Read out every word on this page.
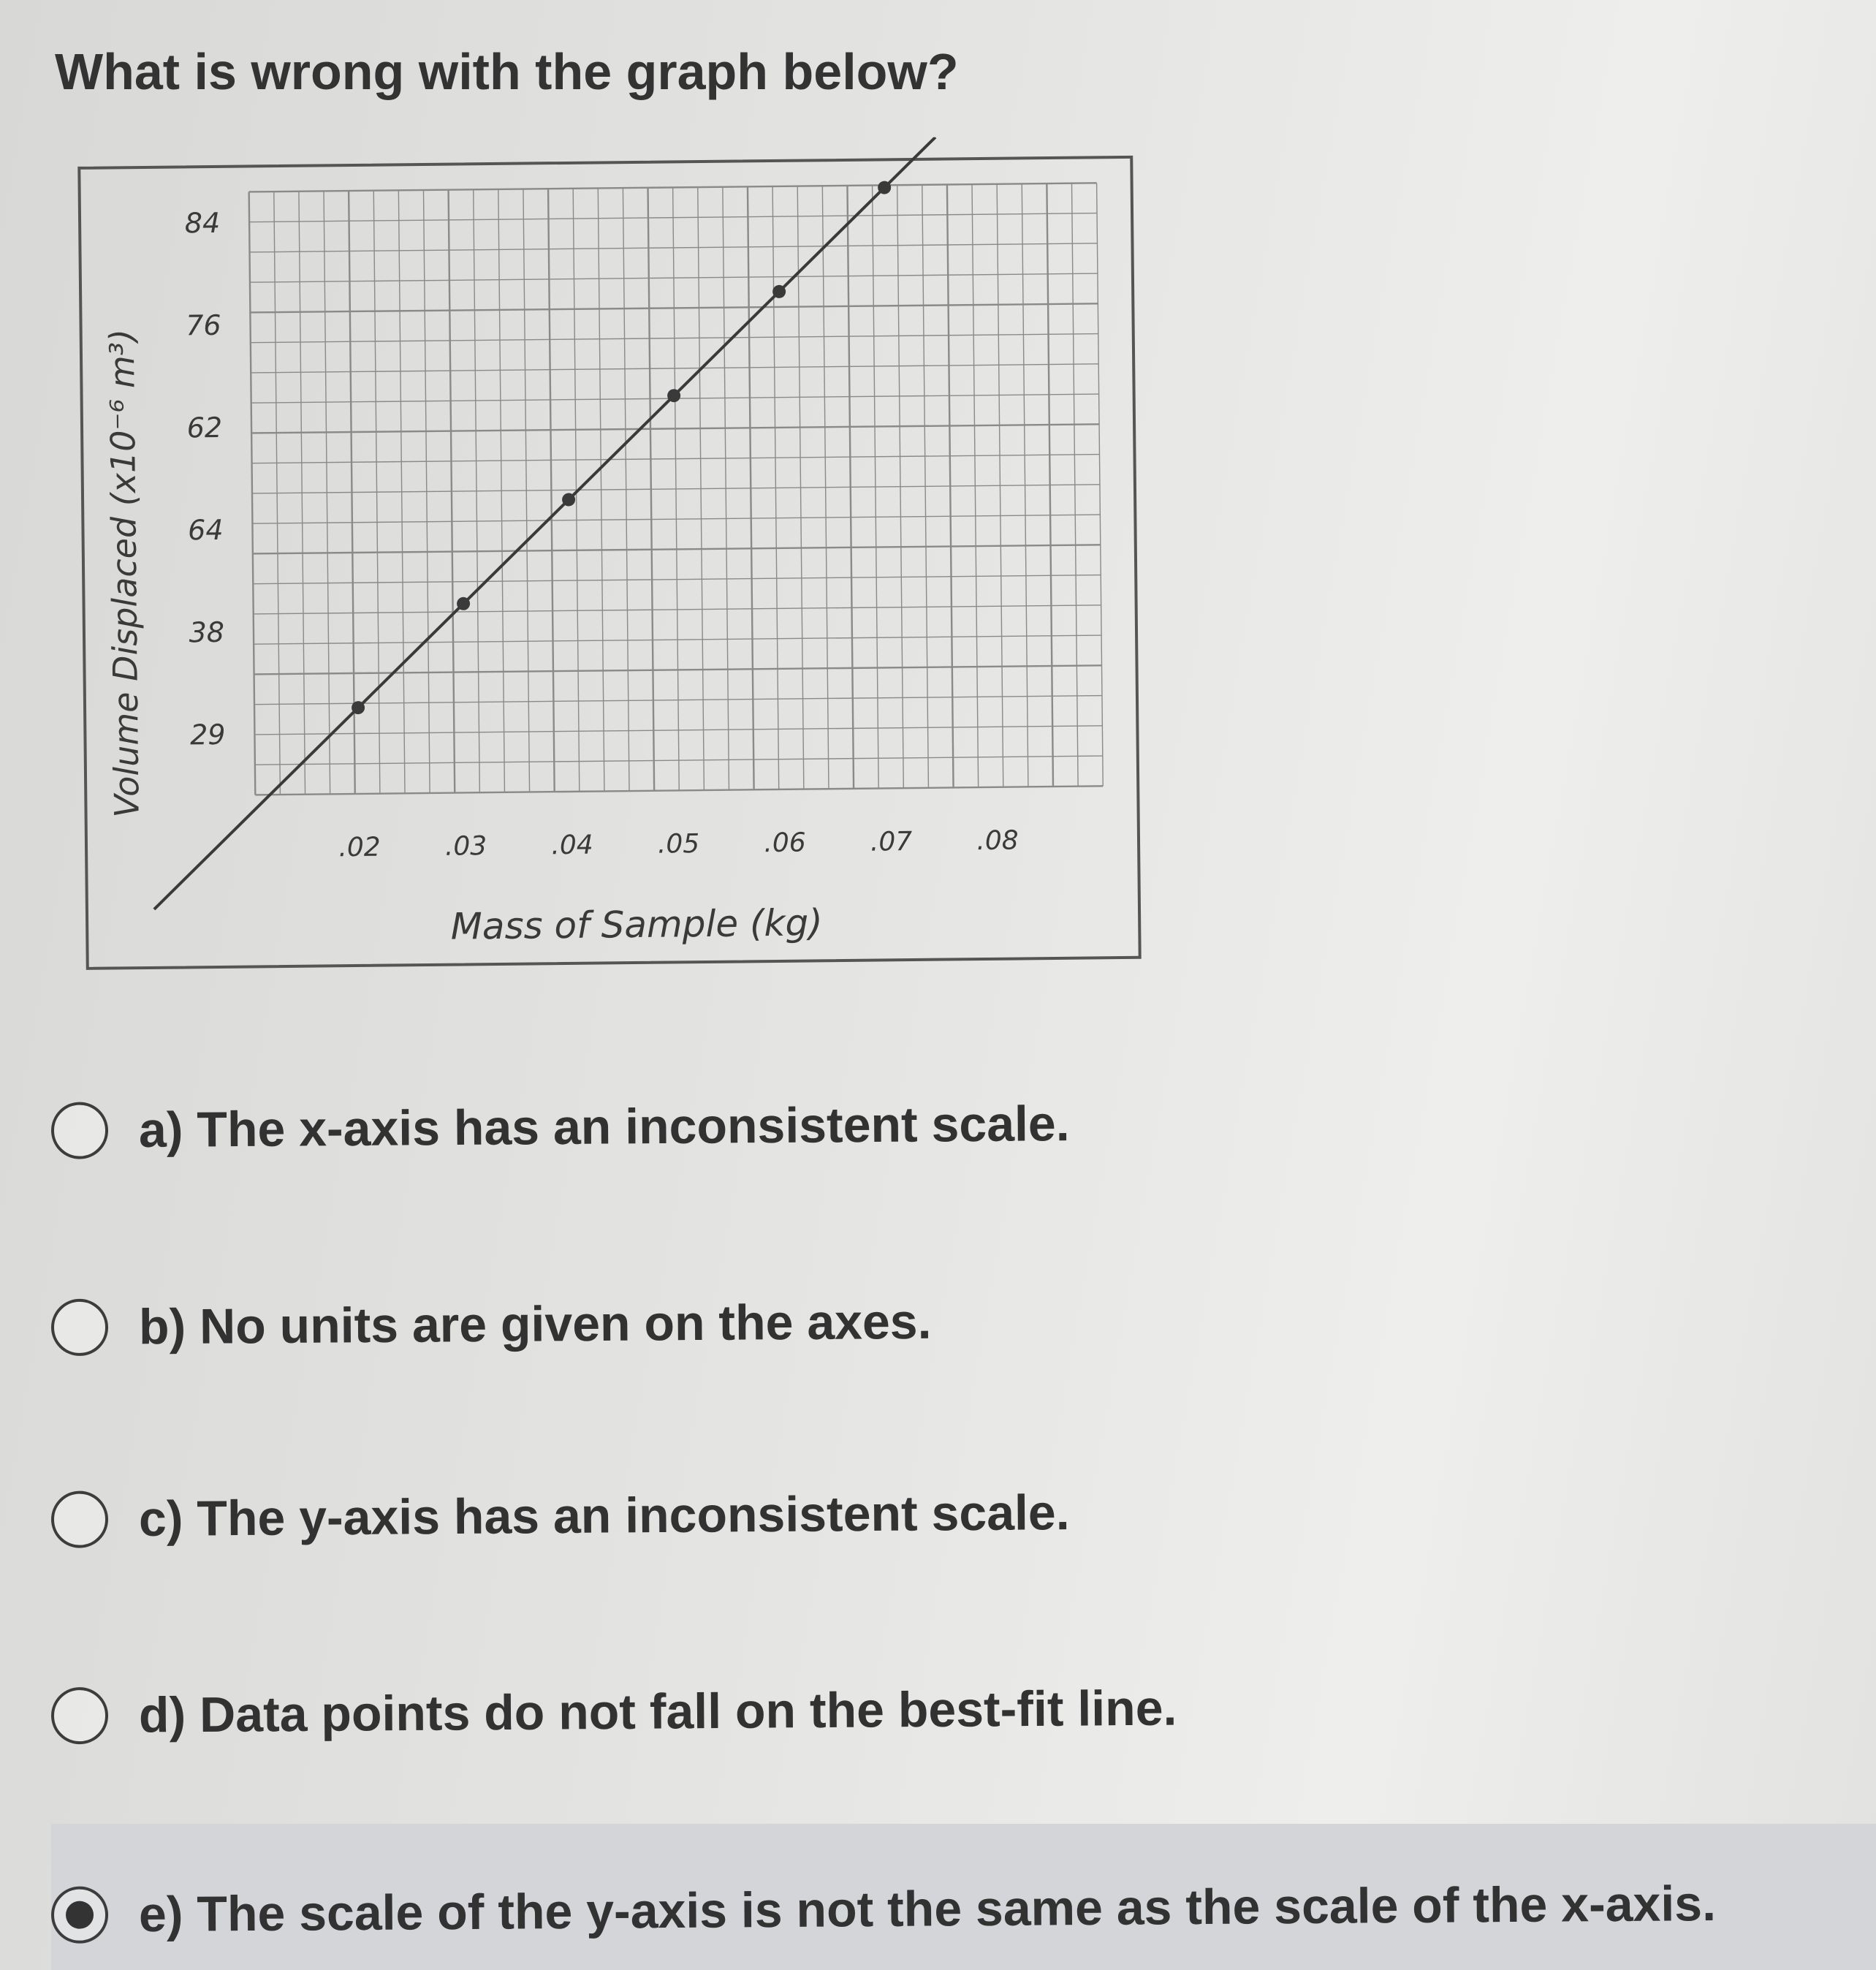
What is wrong with the graph below?
84
76
62
64
38
29
.02 .03 .04 .05 .06 .07 .08
Mass of Sample (kg)
Volume Displaced (x10⁻⁶ m³)
a) The x-axis has an inconsistent scale.
b) No units are given on the axes.
c) The y-axis has an inconsistent scale.
d) Data points do not fall on the best-fit line.
e) The scale of the y-axis is not the same as the scale of the x-axis.
